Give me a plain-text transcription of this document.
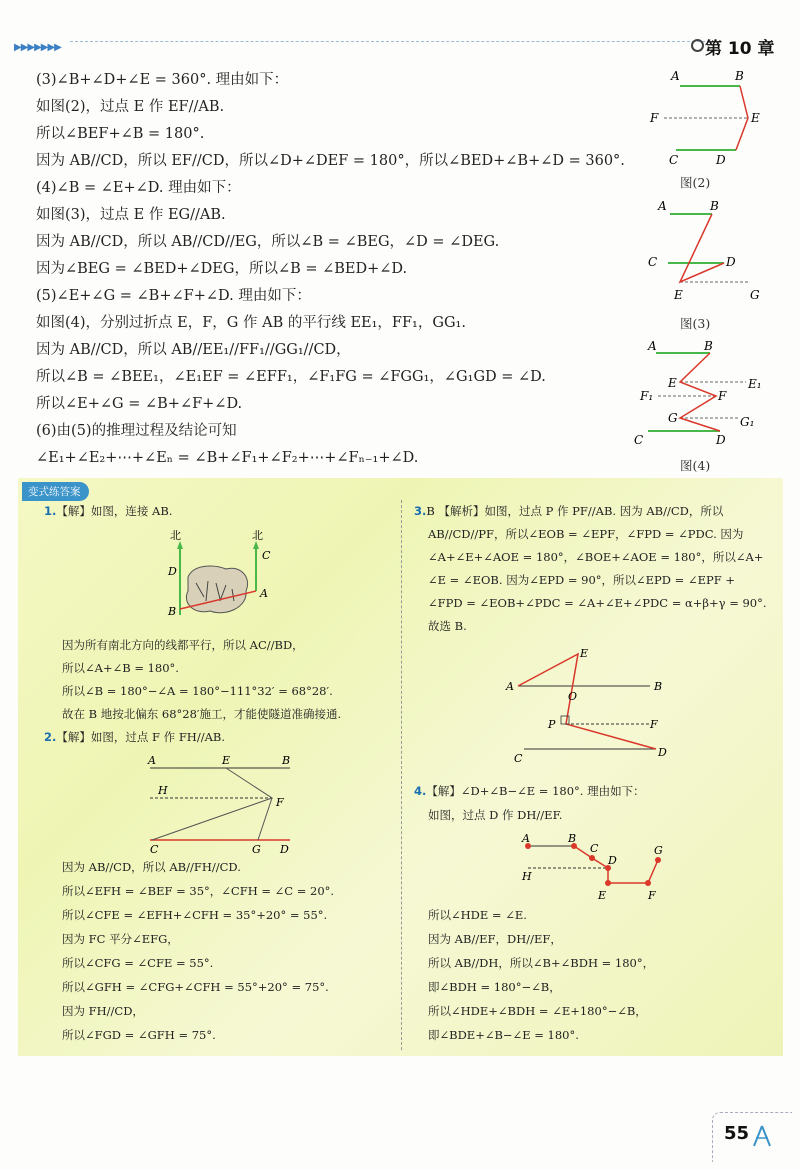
▶▶▶▶▶▶▶	第 10 章
(3)∠B+∠D+∠E = 360°. 理由如下：
如图(2)，过点 E 作 EF//AB.
所以∠BEF+∠B = 180°.
因为 AB//CD，所以 EF//CD，所以∠D+∠DEF = 180°，所以∠BED+∠B+∠D = 360°.
(4)∠B = ∠E+∠D. 理由如下：
如图(3)，过点 E 作 EG//AB.
因为 AB//CD，所以 AB//CD//EG，所以∠B = ∠BEG，∠D = ∠DEG.
因为∠BEG = ∠BED+∠DEG，所以∠B = ∠BED+∠D.
(5)∠E+∠G = ∠B+∠F+∠D. 理由如下：
如图(4)，分别过折点 E，F，G 作 AB 的平行线 EE₁，FF₁，GG₁.
因为 AB//CD，所以 AB//EE₁//FF₁//GG₁//CD，
所以∠B = ∠BEE₁，∠E₁EF = ∠EFF₁，∠F₁FG = ∠FGG₁，∠G₁GD = ∠D.
所以∠E+∠G = ∠B+∠F+∠D.
(6)由(5)的推理过程及结论可知
∠E₁+∠E₂+⋯+∠Eₙ = ∠B+∠F₁+∠F₂+⋯+∠Fₙ₋₁+∠D.
A	B
F	E
C	D
图(2)
A	B
C	D
E	G
图(3)
A	B
E	E₁
F₁	F
G	G₁
C	D
图(4)
变式练答案
1.【解】如图，连接 AB.
北	北
C
D
A
B
因为所有南北方向的线都平行，所以 AC//BD，
所以∠A+∠B = 180°.
所以∠B = 180°−∠A = 180°−111°32′ = 68°28′.
故在 B 地按北偏东 68°28′施工，才能使隧道准确接通.
2.【解】如图，过点 F 作 FH//AB.
A	E	B
H
F
C	G D
因为 AB//CD，所以 AB//FH//CD.
所以∠EFH = ∠BEF = 35°，∠CFH = ∠C = 20°.
所以∠CFE = ∠EFH+∠CFH = 35°+20° = 55°.
因为 FC 平分∠EFG，
所以∠CFG = ∠CFE = 55°.
所以∠GFH = ∠CFG+∠CFH = 55°+20° = 75°.
因为 FH//CD，
所以∠FGD = ∠GFH = 75°.
3.B 【解析】如图，过点 P 作 PF//AB. 因为 AB//CD，所以
AB//CD//PF，所以∠EOB = ∠EPF，∠FPD = ∠PDC. 因为
∠A+∠E+∠AOE = 180°，∠BOE+∠AOE = 180°，所以∠A+
∠E = ∠EOB. 因为∠EPD = 90°，所以∠EPD = ∠EPF +
∠FPD = ∠EOB+∠PDC = ∠A+∠E+∠PDC = α+β+γ = 90°.
故选 B.
E
A
O
B
P	F
C	D
4.【解】∠D+∠B−∠E = 180°. 理由如下：
如图，过点 D 作 DH//EF.
A	B
C
D
G
H
E	F
所以∠HDE = ∠E.
因为 AB//EF，DH//EF，
所以 AB//DH，所以∠B+∠BDH = 180°，
即∠BDH = 180°−∠B，
所以∠HDE+∠BDH = ∠E+180°−∠B，
即∠BDE+∠B−∠E = 180°.
55
